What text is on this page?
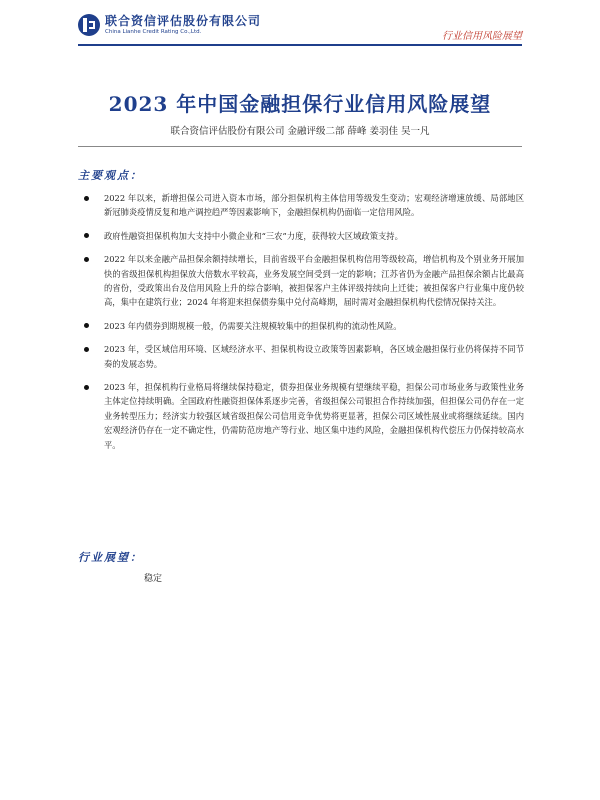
联合资信评估股份有限公司
China Lianhe Credit Rating Co.,Ltd.	行业信用风险展望
2023 年中国金融担保行业信用风险展望
联合资信评估股份有限公司 金融评级二部 薛峰 姜羽佳 吴一凡
主要观点：
2022 年以来，新增担保公司进入资本市场，部分担保机构主体信用等级发生变动；宏观经济增速放缓、局部地区新冠肺炎疫情反复和地产调控趋严等因素影响下，金融担保机构仍面临一定信用风险。
政府性融资担保机构加大支持中小微企业和“三农”力度，获得较大区域政策支持。
2022 年以来金融产品担保余额持续增长，目前省级平台金融担保机构信用等级较高，增信机构及个别业务开展加快的省级担保机构担保放大倍数水平较高，业务发展空间受到一定的影响；江苏省仍为金融产品担保余额占比最高的省份，受政策出台及信用风险上升的综合影响，被担保客户主体评级持续向上迁徙；被担保客户行业集中度仍较高，集中在建筑行业；2024 年将迎来担保债券集中兑付高峰期，届时需对金融担保机构代偿情况保持关注。
2023 年内债券到期规模一般，仍需要关注规模较集中的担保机构的流动性风险。
2023 年，受区域信用环境、区域经济水平、担保机构设立政策等因素影响，各区域金融担保行业仍将保持不同节奏的发展态势。
2023 年，担保机构行业格局将继续保持稳定，债券担保业务规模有望继续平稳，担保公司市场业务与政策性业务主体定位持续明确。全国政府性融资担保体系逐步完善，省级担保公司银担合作持续加强，但担保公司仍存在一定业务转型压力；经济实力较强区域省级担保公司信用竞争优势将更显著，担保公司区域性展业或将继续延续。国内宏观经济仍存在一定不确定性，仍需防范房地产等行业、地区集中违约风险，金融担保机构代偿压力仍保持较高水平。
行业展望：
稳定
